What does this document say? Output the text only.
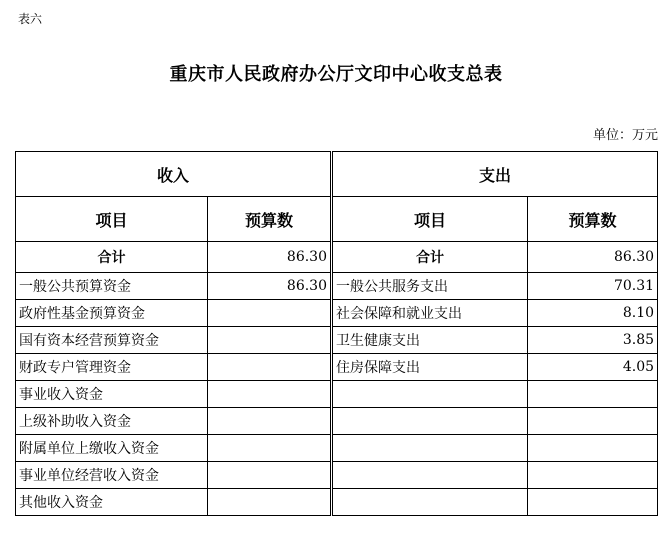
表六
重庆市人民政府办公厅文印中心收支总表
单位：万元
收入		支出	
项目	预算数	项目	预算数
合计	86.30	合计	86.30
一般公共预算资金	86.30	一般公共服务支出	70.31
政府性基金预算资金		社会保障和就业支出	8.10
国有资本经营预算资金		卫生健康支出	3.85
财政专户管理资金		住房保障支出	4.05
事业收入资金			
上级补助收入资金			
附属单位上缴收入资金			
事业单位经营收入资金			
其他收入资金			
